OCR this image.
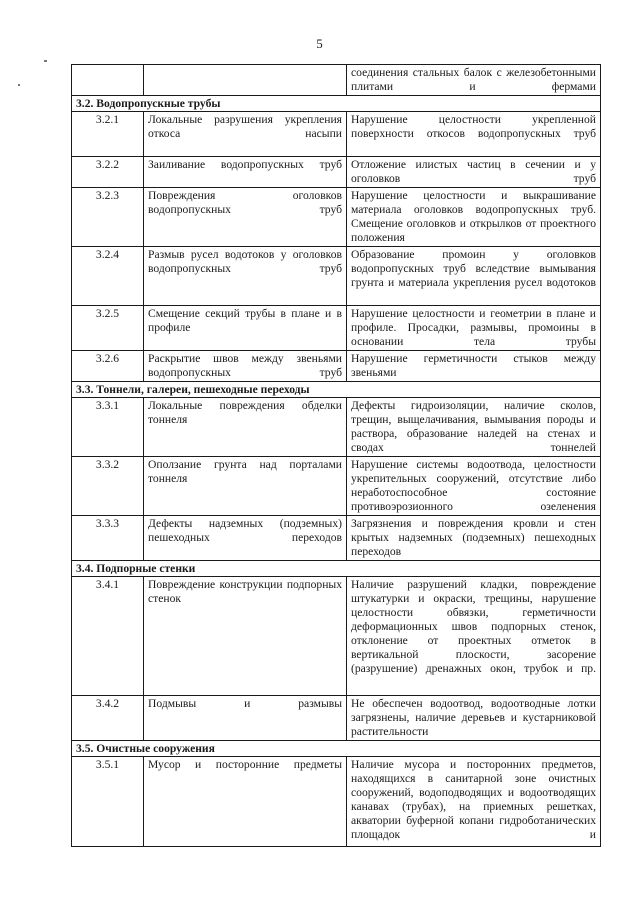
5
		соединения стальных балок с железобетонными плитами и фермами
3.2. Водопропускные трубы		
3.2.1	Локальные разрушения укрепления откоса насыпи	Нарушение целостности укрепленной поверхности откосов водопропускных труб
3.2.2	Заиливание водопропускных труб	Отложение илистых частиц в сечении и у оголовков труб
3.2.3	Повреждения оголовков водопропускных труб	Нарушение целостности и выкрашивание материала оголовков водопропускных труб. Смещение оголовков и открылков от проектного положения
3.2.4	Размыв русел водотоков у оголовков водопропускных труб	Образование промоин у оголовков водопропускных труб вследствие вымывания грунта и материала укрепления русел водотоков
3.2.5	Смещение секций трубы в плане и в профиле	Нарушение целостности и геометрии в плане и профиле. Просадки, размывы, промоины в основании тела трубы
3.2.6	Раскрытие швов между звеньями водопропускных труб	Нарушение герметичности стыков между звеньями
3.3. Тоннели, галереи, пешеходные переходы		
3.3.1	Локальные повреждения обделки тоннеля	Дефекты гидроизоляции, наличие сколов, трещин, выщелачивания, вымывания породы и раствора, образование наледей на стенах и сводах тоннелей
3.3.2	Оползание грунта над порталами тоннеля	Нарушение системы водоотвода, целостности укрепительных сооружений, отсутствие либо неработоспособное состояние противоэрозионного озеленения
3.3.3	Дефекты надземных (подземных) пешеходных переходов	Загрязнения и повреждения кровли и стен крытых надземных (подземных) пешеходных переходов
3.4. Подпорные стенки		
3.4.1	Повреждение конструкции подпорных стенок	Наличие разрушений кладки, повреждение штукатурки и окраски, трещины, нарушение целостности обвязки, герметичности деформационных швов подпорных стенок, отклонение от проектных отметок в вертикальной плоскости, засорение (разрушение) дренажных окон, трубок и пр.
3.4.2	Подмывы и размывы	Не обеспечен водоотвод, водоотводные лотки загрязнены, наличие деревьев и кустарниковой растительности
3.5. Очистные сооружения		
3.5.1	Мусор и посторонние предметы	Наличие мусора и посторонних предметов, находящихся в санитарной зоне очистных сооружений, водоподводящих и водоотводящих канавах (трубах), на приемных решетках, акватории буферной копани гидроботанических площадок и
